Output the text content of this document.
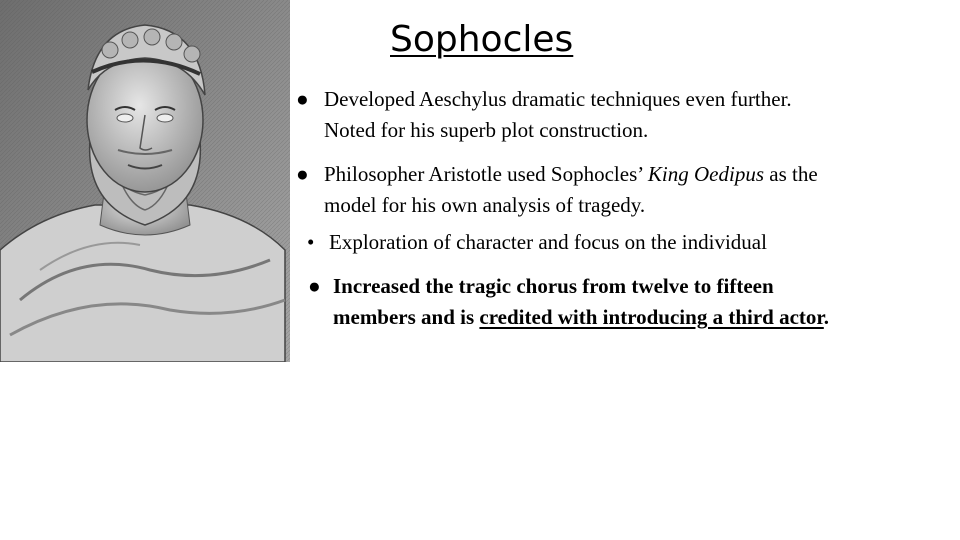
Sophocles
● Developed Aeschylus dramatic techniques even further.
Noted for his superb plot construction.
● Philosopher Aristotle used Sophocles’ King Oedipus as the
model for his own analysis of tragedy.
• Exploration of character and focus on the individual
● Increased the tragic chorus from twelve to fifteen
members and is credited with introducing a third actor.
